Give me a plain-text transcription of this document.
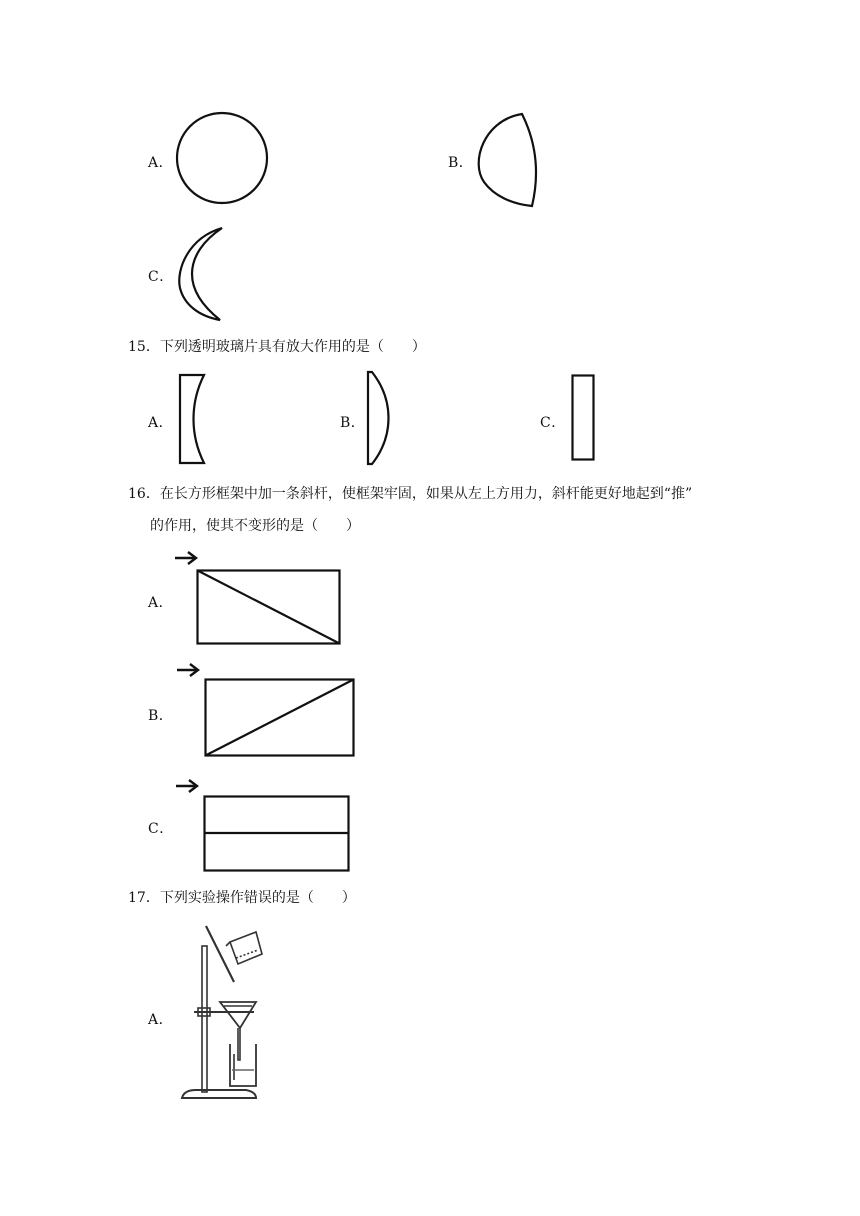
A．	B．
C．
15．下列透明玻璃片具有放大作用的是（　　）
A．	B．	C．
16．在长方形框架中加一条斜杆，使框架牢固，如果从左上方用力，斜杆能更好地起到“推”
的作用，使其不变形的是（　　）
A．
B．
C．
17．下列实验操作错误的是（　　）
A．
